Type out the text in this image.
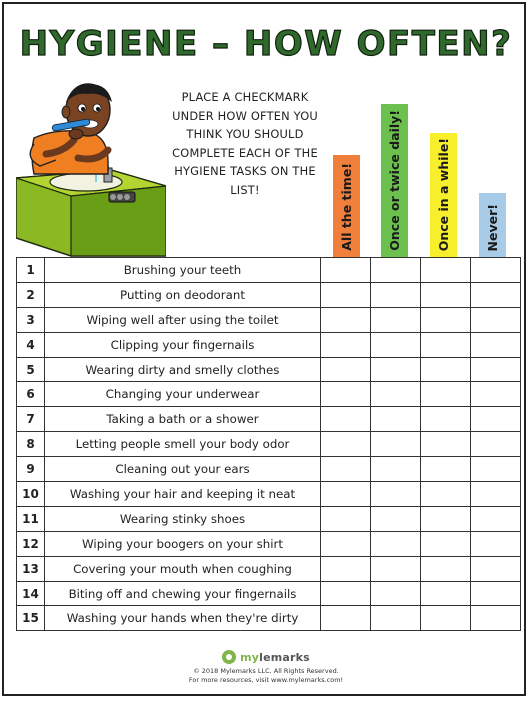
HYGIENE – HOW OFTEN?
PLACE A CHECKMARK UNDER HOW OFTEN YOU THINK YOU SHOULD COMPLETE EACH OF THE HYGIENE TASKS ON THE LIST!	All the time!	Once or twice daily!	Once in a while!	Never!
1	Brushing your teeth				
2	Putting on deodorant				
3	Wiping well after using the toilet				
4	Clipping your fingernails				
5	Wearing dirty and smelly clothes				
6	Changing your underwear				
7	Taking a bath or a shower				
8	Letting people smell your body odor				
9	Cleaning out your ears				
10	Washing your hair and keeping it neat				
11	Wearing stinky shoes				
12	Wiping your boogers on your shirt				
13	Covering your mouth when coughing				
14	Biting off and chewing your fingernails				
15	Washing your hands when they're dirty				
mylemarks
© 2018 Mylemarks LLC. All Rights Reserved.
For more resources, visit www.mylemarks.com!
